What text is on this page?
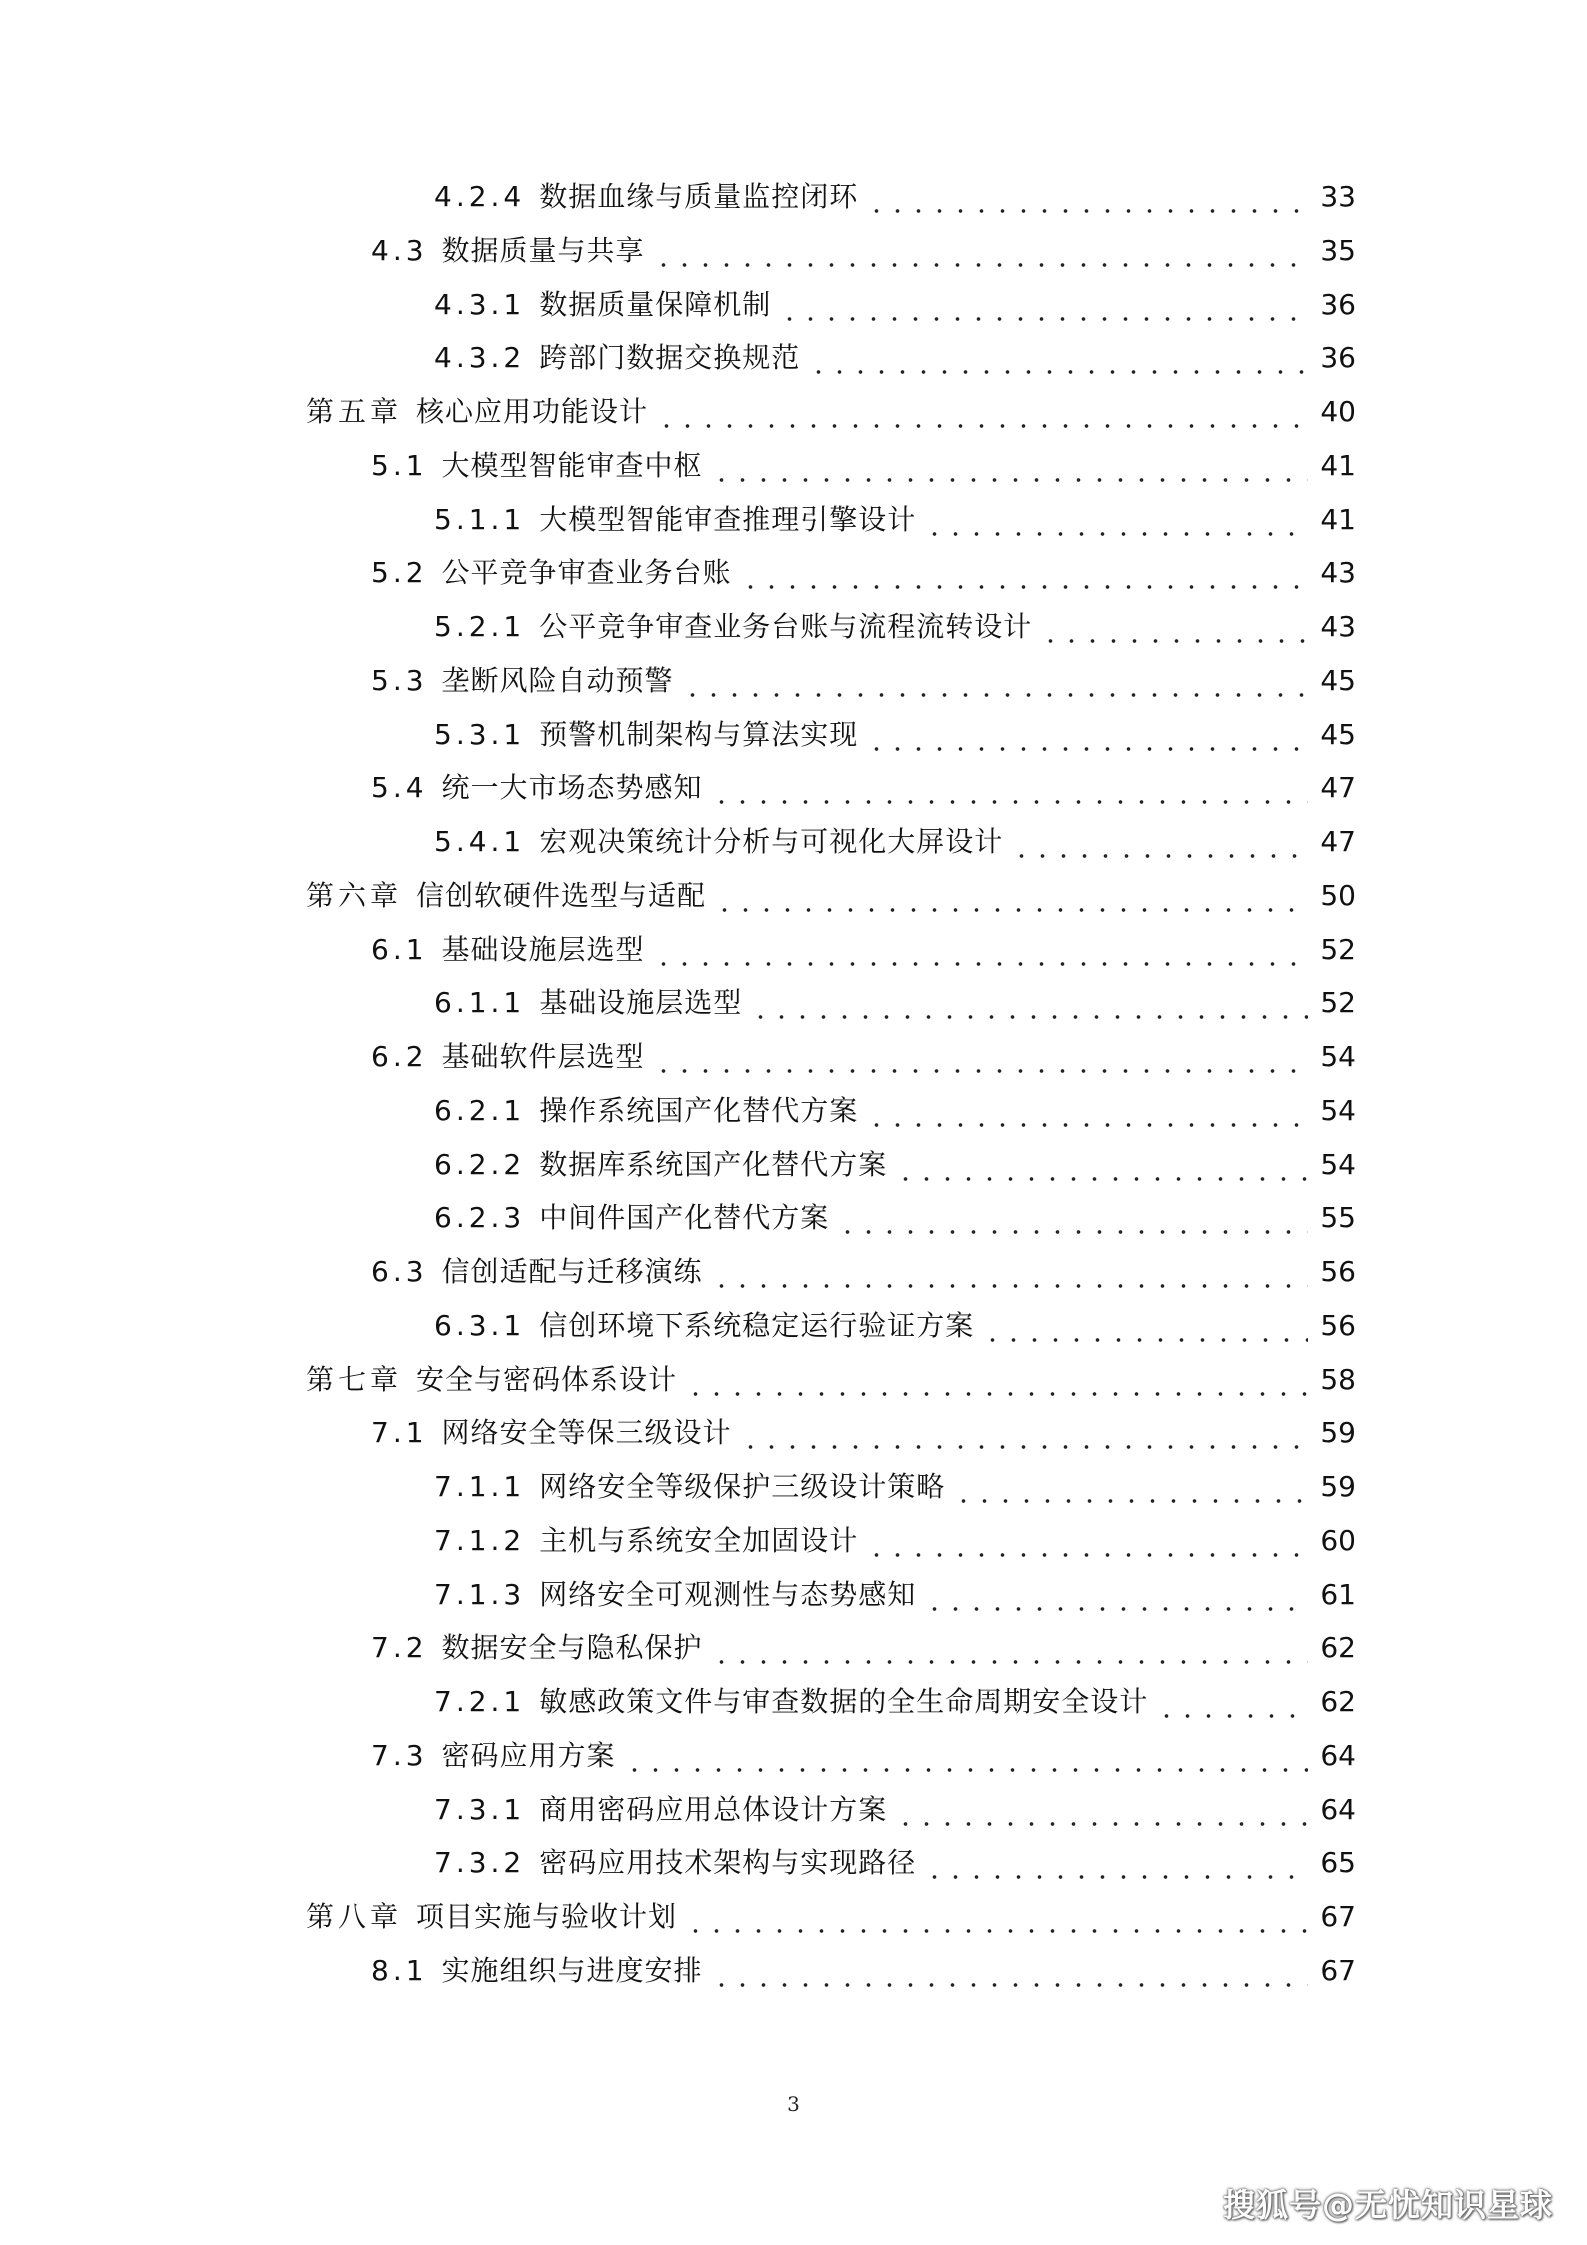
4.2.4 数据血缘与质量监控闭环	33
4.3 数据质量与共享	35
4.3.1 数据质量保障机制	36
4.3.2 跨部门数据交换规范	36
第五章 核心应用功能设计	40
5.1 大模型智能审查中枢	41
5.1.1 大模型智能审查推理引擎设计	41
5.2 公平竞争审查业务台账	43
5.2.1 公平竞争审查业务台账与流程流转设计	43
5.3 垄断风险自动预警	45
5.3.1 预警机制架构与算法实现	45
5.4 统一大市场态势感知	47
5.4.1 宏观决策统计分析与可视化大屏设计	47
第六章 信创软硬件选型与适配	50
6.1 基础设施层选型	52
6.1.1 基础设施层选型	52
6.2 基础软件层选型	54
6.2.1 操作系统国产化替代方案	54
6.2.2 数据库系统国产化替代方案	54
6.2.3 中间件国产化替代方案	55
6.3 信创适配与迁移演练	56
6.3.1 信创环境下系统稳定运行验证方案	56
第七章 安全与密码体系设计	58
7.1 网络安全等保三级设计	59
7.1.1 网络安全等级保护三级设计策略	59
7.1.2 主机与系统安全加固设计	60
7.1.3 网络安全可观测性与态势感知	61
7.2 数据安全与隐私保护	62
7.2.1 敏感政策文件与审查数据的全生命周期安全设计	62
7.3 密码应用方案	64
7.3.1 商用密码应用总体设计方案	64
7.3.2 密码应用技术架构与实现路径	65
第八章 项目实施与验收计划	67
8.1 实施组织与进度安排	67
3
搜狐号@无忧知识星球
